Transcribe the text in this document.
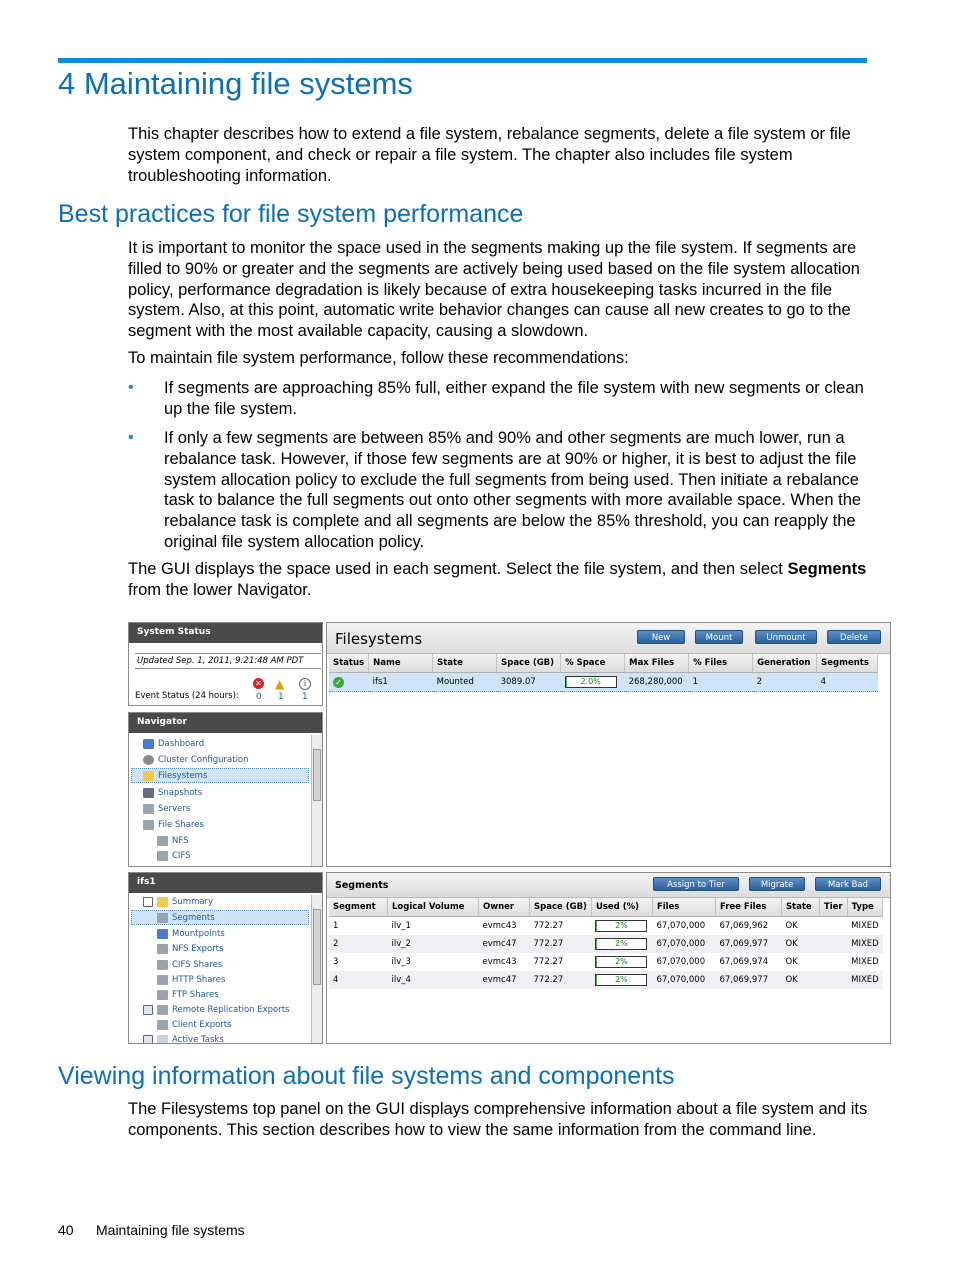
4 Maintaining file systems

This chapter describes how to extend a file system, rebalance segments, delete a file system or file system component, and check or repair a file system. The chapter also includes file system troubleshooting information.

Best practices for file system performance

It is important to monitor the space used in the segments making up the file system. If segments are filled to 90% or greater and the segments are actively being used based on the file system allocation policy, performance degradation is likely because of extra housekeeping tasks incurred in the file system. Also, at this point, automatic write behavior changes can cause all new creates to go to the segment with the most available capacity, causing a slowdown.

To maintain file system performance, follow these recommendations:

• If segments are approaching 85% full, either expand the file system with new segments or clean up the file system.

• If only a few segments are between 85% and 90% and other segments are much lower, run a rebalance task. However, if those few segments are at 90% or higher, it is best to adjust the file system allocation policy to exclude the full segments from being used. Then initiate a rebalance task to balance the full segments out onto other segments with more available space. When the rebalance task is complete and all segments are below the 85% threshold, you can reapply the original file system allocation policy.

The GUI displays the space used in each segment. Select the file system, and then select Segments from the lower Navigator.

System Status
Updated Sep. 1, 2011, 9:21:48 AM PDT
Event Status (24 hours):
✕ ▲	i
0 1 1
Navigator
Dashboard
Cluster Configuration
Filesystems
Snapshots
Servers
File Shares
NFS
CIFS
ifs1
Summary
Segments
Mountpoints
NFS Exports
CIFS Shares
HTTP Shares
FTP Shares
Remote Replication Exports
Client Exports
Active Tasks
Filesystems	New	Mount	Unmount	Delete
Status	Name	State	Space (GB)	% Space	Max Files	% Files	Generation	Segments
✓	ifs1	Mounted	3089.07	2.0%	268,280,000	1	2	4
Segments	Assign to Tier	Migrate	Mark Bad
Segment	Logical Volume	Owner	Space (GB)	Used (%)	Files	Free Files	State	Tier	Type
1	ilv_1	evmc43	772.27	2%	67,070,000	67,069,962	OK		MIXED
2	ilv_2	evmc47	772.27	2%	67,070,000	67,069,977	OK		MIXED
3	ilv_3	evmc43	772.27	2%	67,070,000	67,069,974	OK		MIXED
4	ilv_4	evmc47	772.27	2%	67,070,000	67,069,977	OK		MIXED
Viewing information about file systems and components

The Filesystems top panel on the GUI displays comprehensive information about a file system and its components. This section describes how to view the same information from the command line.

40 Maintaining file systems
